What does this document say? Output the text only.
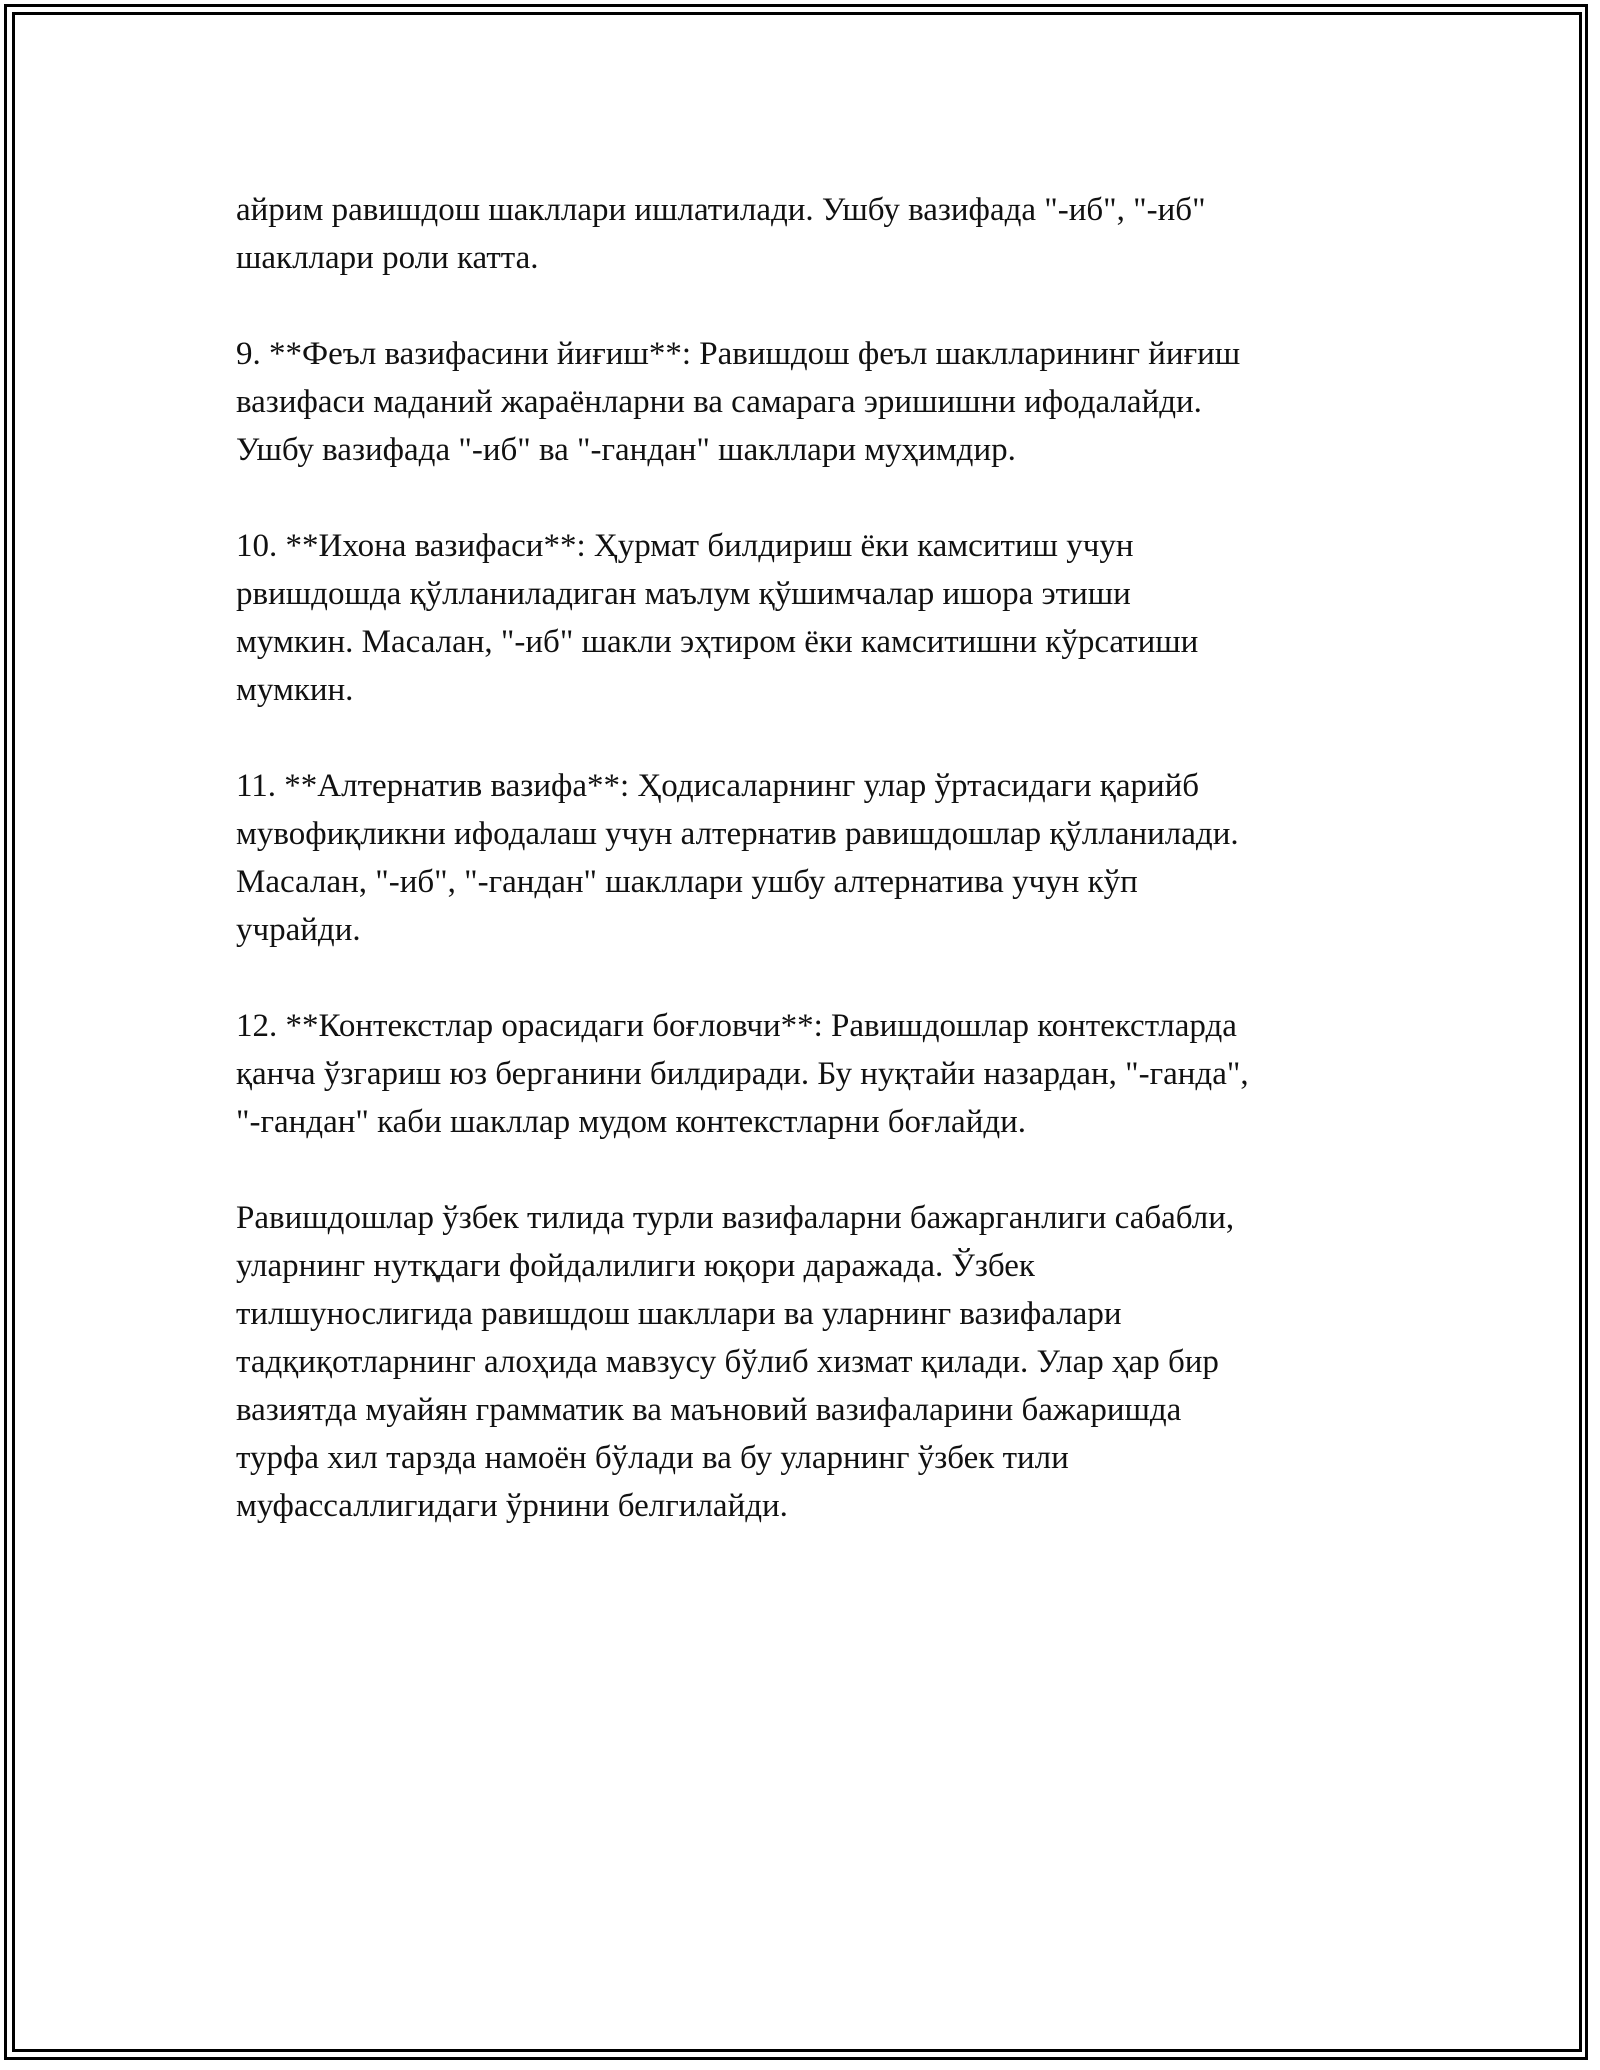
айрим равишдош шакллари ишлатилади. Ушбу вазифада "-иб", "-иб"
шакллари роли катта.

9. **Феъл вазифасини йиғиш**: Равишдош феъл шаклларининг йиғиш
вазифаси маданий жараёнларни ва самарага эришишни ифодалайди.
Ушбу вазифада "-иб" ва "-гандан" шакллари муҳимдир.

10. **Ихона вазифаси**: Ҳурмат билдириш ёки камситиш учун
рвишдошда қўлланиладиган маълум қўшимчалар ишора этиши
мумкин. Масалан, "-иб" шакли эҳтиром ёки камситишни кўрсатиши
мумкин.

11. **Алтернатив вазифа**: Ҳодисаларнинг улар ўртасидаги қарийб
мувофиқликни ифодалаш учун алтернатив равишдошлар қўлланилади.
Масалан, "-иб", "-гандан" шакллари ушбу алтернатива учун кўп
учрайди.

12. **Контекстлар орасидаги боғловчи**: Равишдошлар контекстларда
қанча ўзгариш юз берганини билдиради. Бу нуқтайи назардан, "-ганда",
"-гандан" каби шакллар мудом контекстларни боғлайди.

Равишдошлар ўзбек тилида турли вазифаларни бажарганлиги сабабли,
уларнинг нутқдаги фойдалилиги юқори даражада. Ўзбек
тилшунослигида равишдош шакллари ва уларнинг вазифалари
тадқиқотларнинг алоҳида мавзусу бўлиб хизмат қилади. Улар ҳар бир
вазиятда муайян грамматик ва маъновий вазифаларини бажаришда
турфа хил тарзда намоён бўлади ва бу уларнинг ўзбек тили
муфассаллигидаги ўрнини белгилайди.
